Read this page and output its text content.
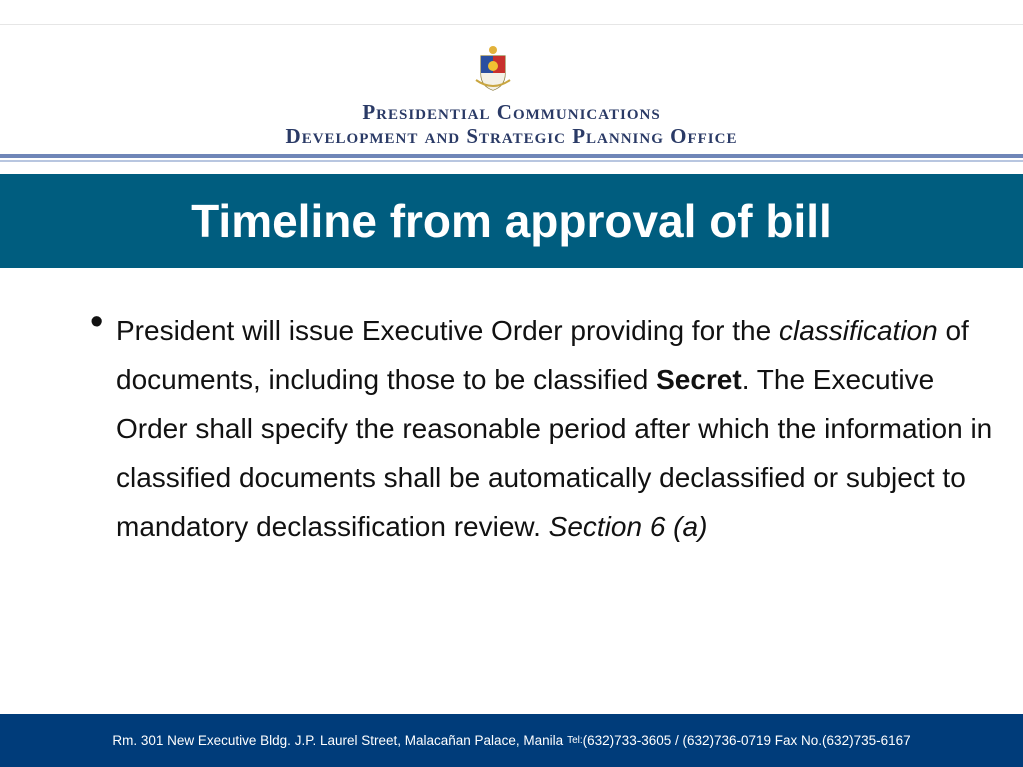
Presidential Communications
Development and Strategic Planning Office
Timeline from approval of bill
• President will issue Executive Order providing for the classification of documents, including those to be classified Secret. The Executive Order shall specify the reasonable period after which the information in classified documents shall be automatically declassified or subject to mandatory declassification review. Section 6 (a)
Rm. 301 New Executive Bldg. J.P. Laurel Street, Malacañan Palace, Manila Tel: (632)733-3605 / (632)736-0719 Fax No.(632)735-6167
